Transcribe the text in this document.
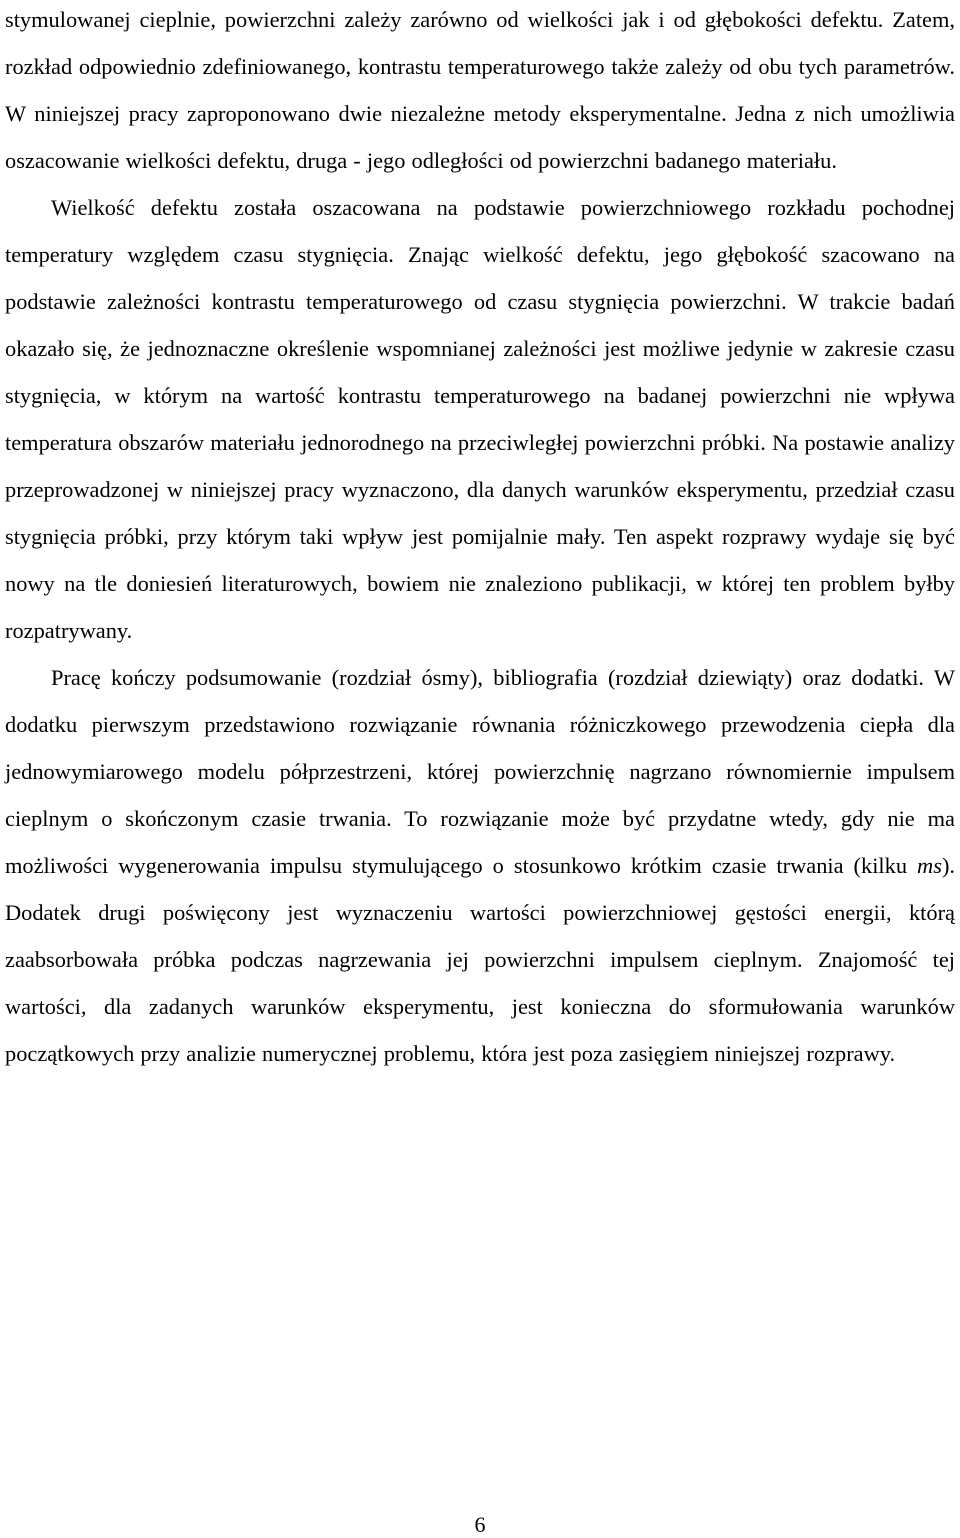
stymulowanej cieplnie, powierzchni zależy zarówno od wielkości jak i od głębokości defektu. Zatem, rozkład odpowiednio zdefiniowanego, kontrastu temperaturowego także zależy od obu tych parametrów. W niniejszej pracy zaproponowano dwie niezależne metody eksperymentalne. Jedna z nich umożliwia oszacowanie wielkości defektu, druga - jego odległości od powierzchni badanego materiału.

Wielkość defektu została oszacowana na podstawie powierzchniowego rozkładu pochodnej temperatury względem czasu stygnięcia. Znając wielkość defektu, jego głębokość szacowano na podstawie zależności kontrastu temperaturowego od czasu stygnięcia powierzchni. W trakcie badań okazało się, że jednoznaczne określenie wspomnianej zależności jest możliwe jedynie w zakresie czasu stygnięcia, w którym na wartość kontrastu temperaturowego na badanej powierzchni nie wpływa temperatura obszarów materiału jednorodnego na przeciwległej powierzchni próbki. Na postawie analizy przeprowadzonej w niniejszej pracy wyznaczono, dla danych warunków eksperymentu, przedział czasu stygnięcia próbki, przy którym taki wpływ jest pomijalnie mały. Ten aspekt rozprawy wydaje się być nowy na tle doniesień literaturowych, bowiem nie znaleziono publikacji, w której ten problem byłby rozpatrywany.

Pracę kończy podsumowanie (rozdział ósmy), bibliografia (rozdział dziewiąty) oraz dodatki. W dodatku pierwszym przedstawiono rozwiązanie równania różniczkowego przewodzenia ciepła dla jednowymiarowego modelu półprzestrzeni, której powierzchnię nagrzano równomiernie impulsem cieplnym o skończonym czasie trwania. To rozwiązanie może być przydatne wtedy, gdy nie ma możliwości wygenerowania impulsu stymulującego o stosunkowo krótkim czasie trwania (kilku ms). Dodatek drugi poświęcony jest wyznaczeniu wartości powierzchniowej gęstości energii, którą zaabsorbowała próbka podczas nagrzewania jej powierzchni impulsem cieplnym. Znajomość tej wartości, dla zadanych warunków eksperymentu, jest konieczna do sformułowania warunków początkowych przy analizie numerycznej problemu, która jest poza zasięgiem niniejszej rozprawy.

6
